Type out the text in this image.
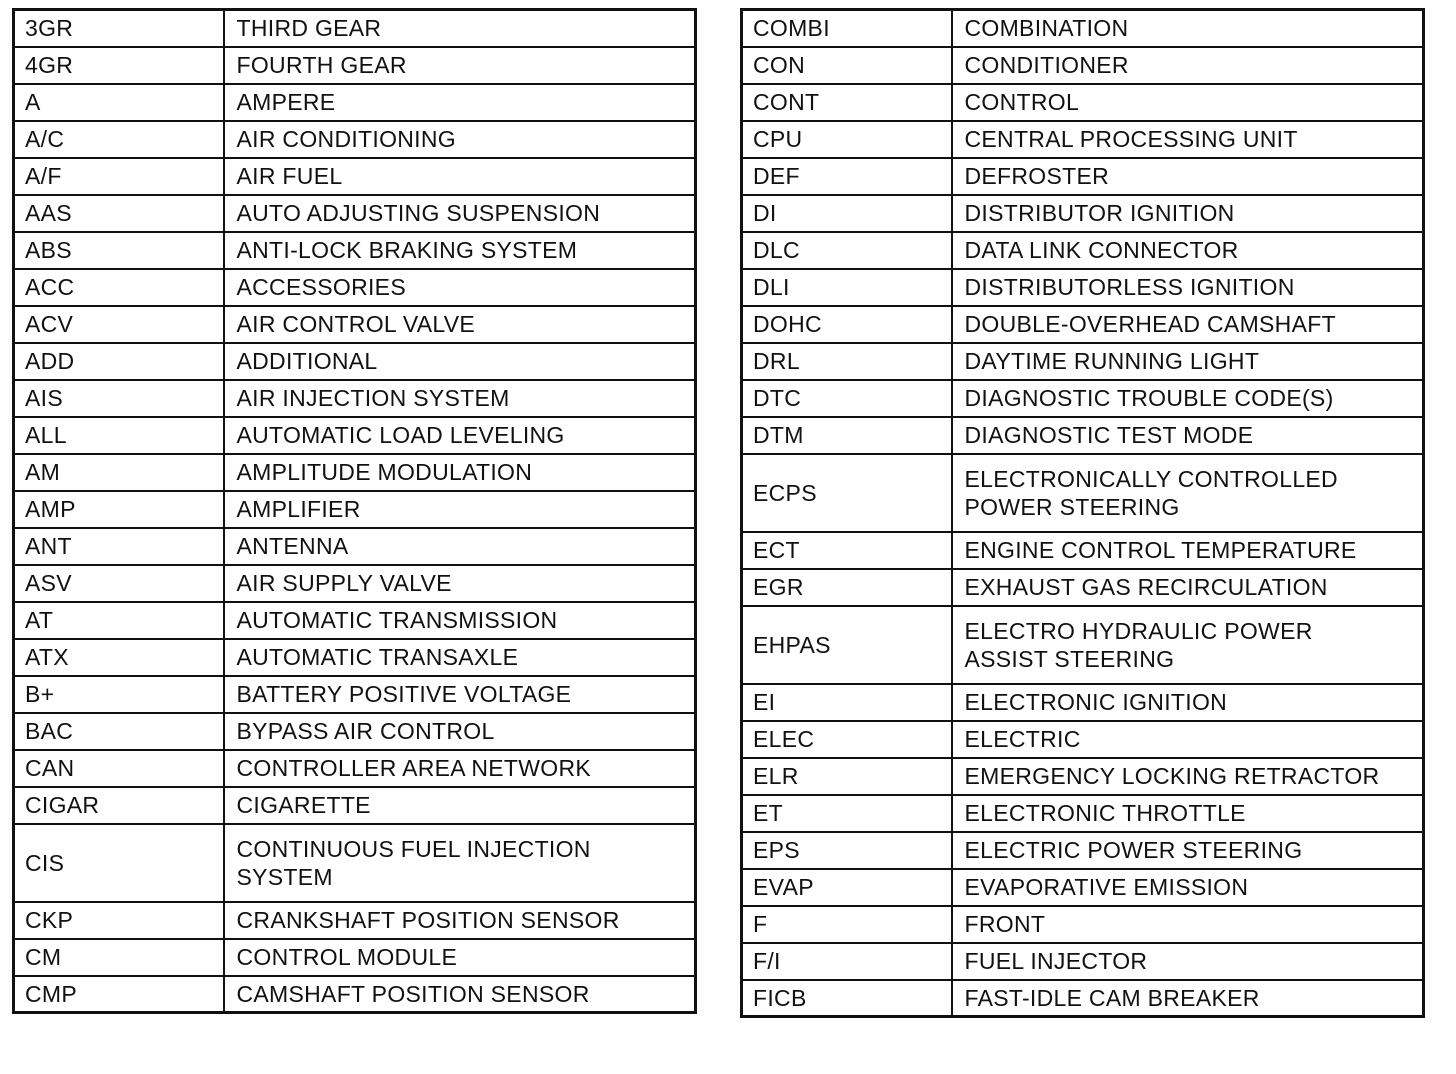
3GR	THIRD GEAR
4GR	FOURTH GEAR
A	AMPERE
A/C	AIR CONDITIONING
A/F	AIR FUEL
AAS	AUTO ADJUSTING SUSPENSION
ABS	ANTI-LOCK BRAKING SYSTEM
ACC	ACCESSORIES
ACV	AIR CONTROL VALVE
ADD	ADDITIONAL
AIS	AIR INJECTION SYSTEM
ALL	AUTOMATIC LOAD LEVELING
AM	AMPLITUDE MODULATION
AMP	AMPLIFIER
ANT	ANTENNA
ASV	AIR SUPPLY VALVE
AT	AUTOMATIC TRANSMISSION
ATX	AUTOMATIC TRANSAXLE
B+	BATTERY POSITIVE VOLTAGE
BAC	BYPASS AIR CONTROL
CAN	CONTROLLER AREA NETWORK
CIGAR	CIGARETTE
CIS	CONTINUOUS FUEL INJECTION
SYSTEM
CKP	CRANKSHAFT POSITION SENSOR
CM	CONTROL MODULE
CMP	CAMSHAFT POSITION SENSOR
COMBI	COMBINATION
CON	CONDITIONER
CONT	CONTROL
CPU	CENTRAL PROCESSING UNIT
DEF	DEFROSTER
DI	DISTRIBUTOR IGNITION
DLC	DATA LINK CONNECTOR
DLI	DISTRIBUTORLESS IGNITION
DOHC	DOUBLE-OVERHEAD CAMSHAFT
DRL	DAYTIME RUNNING LIGHT
DTC	DIAGNOSTIC TROUBLE CODE(S)
DTM	DIAGNOSTIC TEST MODE
ECPS	ELECTRONICALLY CONTROLLED
POWER STEERING
ECT	ENGINE CONTROL TEMPERATURE
EGR	EXHAUST GAS RECIRCULATION
EHPAS	ELECTRO HYDRAULIC POWER
ASSIST STEERING
EI	ELECTRONIC IGNITION
ELEC	ELECTRIC
ELR	EMERGENCY LOCKING RETRACTOR
ET	ELECTRONIC THROTTLE
EPS	ELECTRIC POWER STEERING
EVAP	EVAPORATIVE EMISSION
F	FRONT
F/I	FUEL INJECTOR
FICB	FAST-IDLE CAM BREAKER
